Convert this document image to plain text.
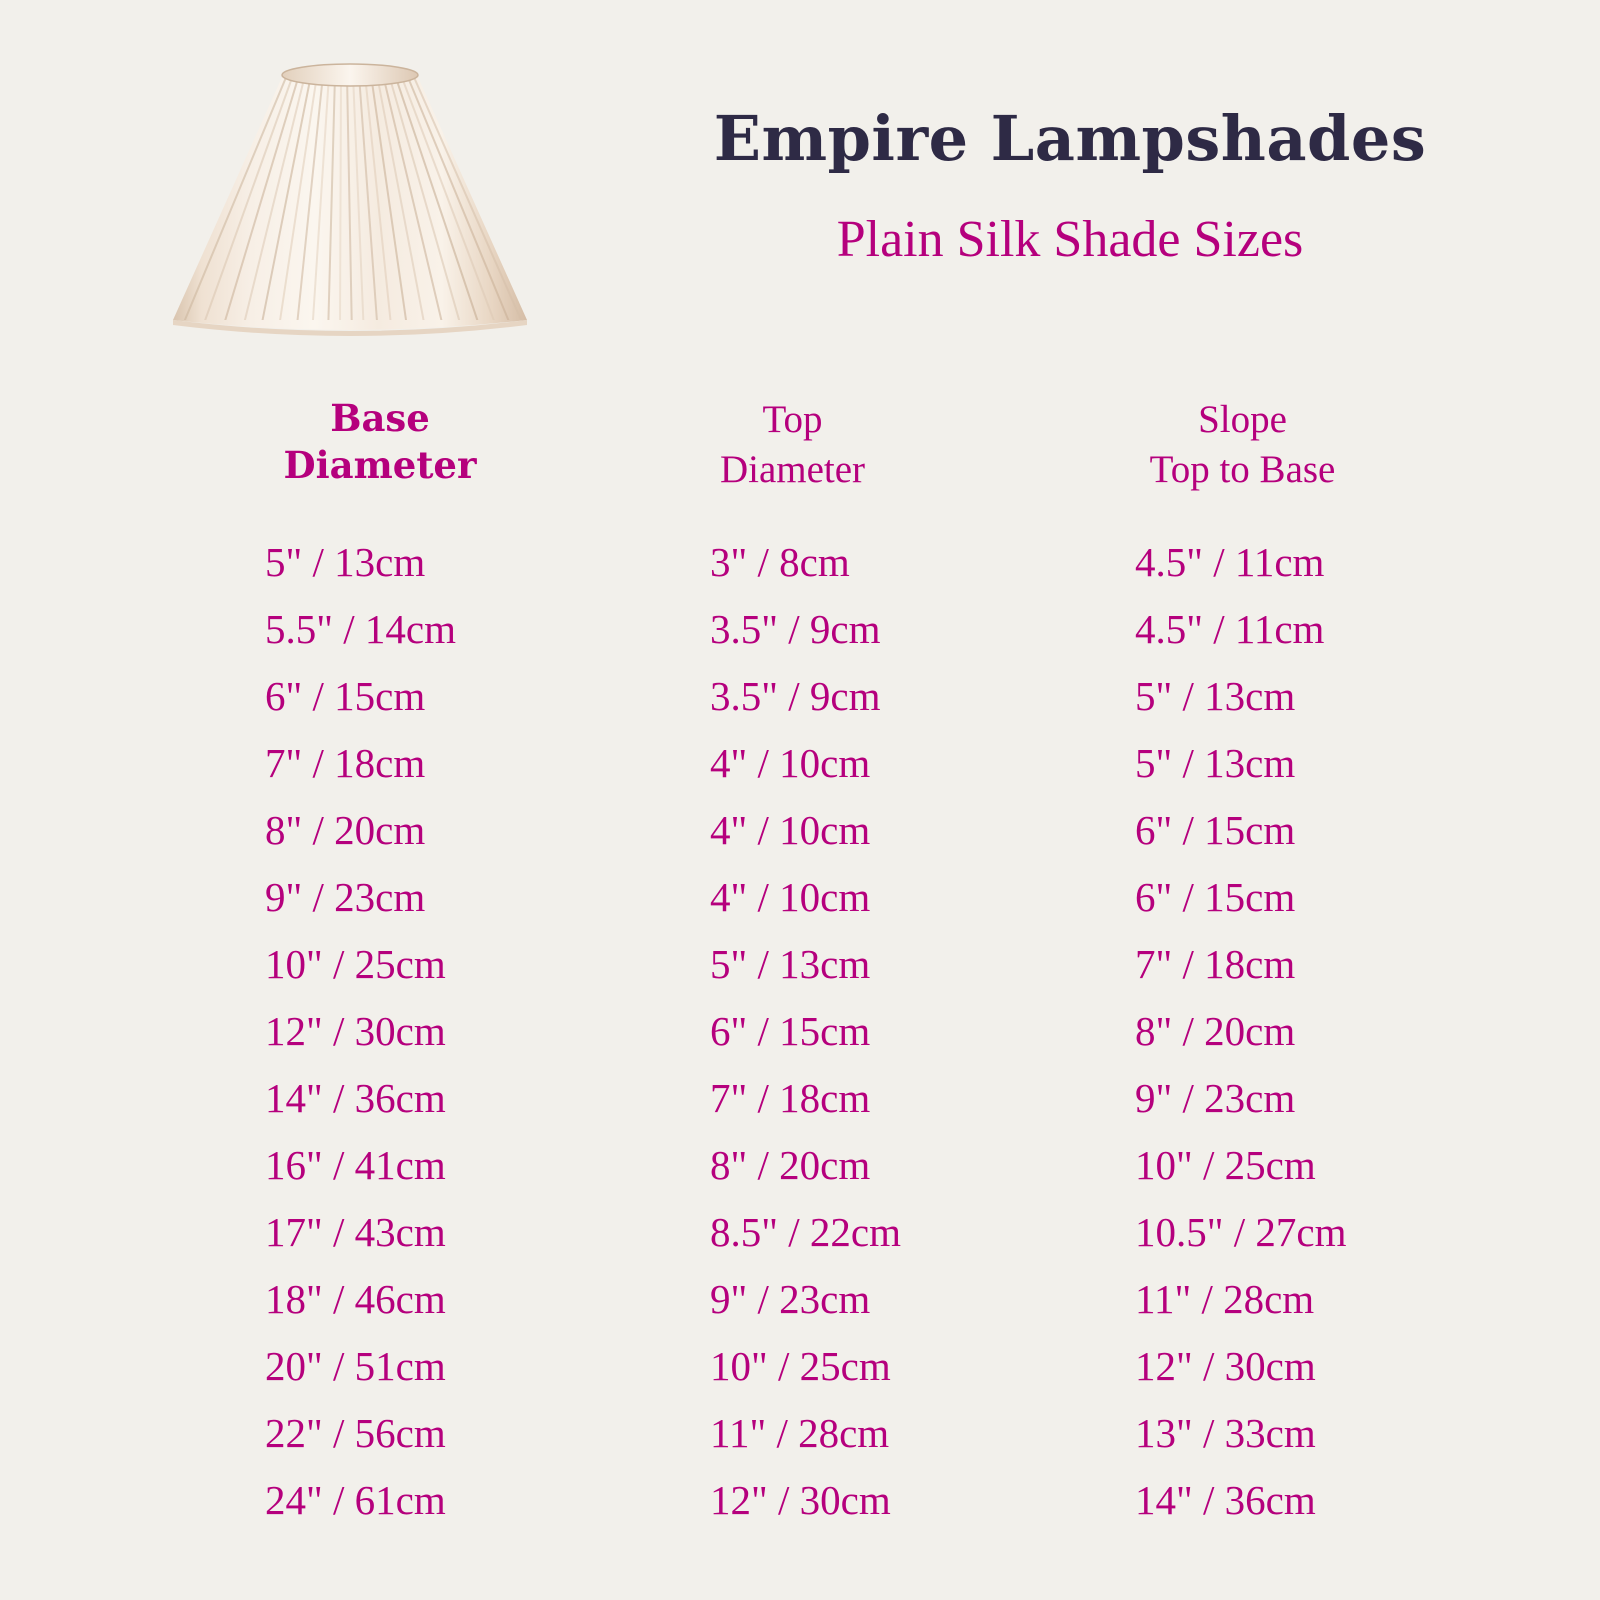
Empire Lampshades
Plain Silk Shade Sizes
Base
Diameter
Top
Diameter
Slope
Top to Base
5" / 13cm	3" / 8cm	4.5" / 11cm
5.5" / 14cm	3.5" / 9cm	4.5" / 11cm
6" / 15cm	3.5" / 9cm	5" / 13cm
7" / 18cm	4" / 10cm	5" / 13cm
8" / 20cm	4" / 10cm	6" / 15cm
9" / 23cm	4" / 10cm	6" / 15cm
10" / 25cm	5" / 13cm	7" / 18cm
12" / 30cm	6" / 15cm	8" / 20cm
14" / 36cm	7" / 18cm	9" / 23cm
16" / 41cm	8" / 20cm	10" / 25cm
17" / 43cm	8.5" / 22cm	10.5" / 27cm
18" / 46cm	9" / 23cm	11" / 28cm
20" / 51cm	10" / 25cm	12" / 30cm
22" / 56cm	11" / 28cm	13" / 33cm
24" / 61cm	12" / 30cm	14" / 36cm
